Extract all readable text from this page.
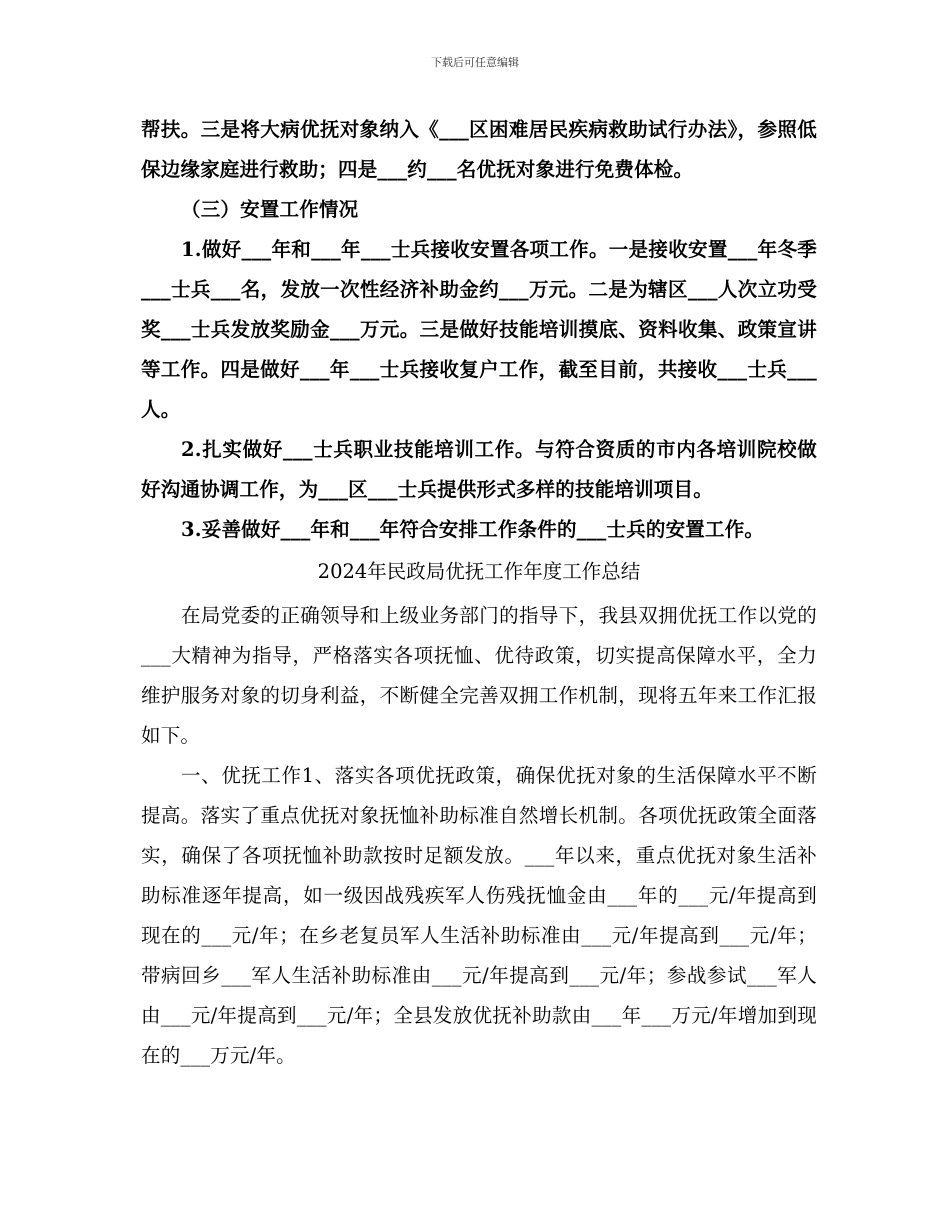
下载后可任意编辑

帮扶。三是将大病优抚对象纳入《___区困难居民疾病救助试行办法》，参照低保边缘家庭进行救助；四是___约___名优抚对象进行免费体检。

（三）安置工作情况

1.做好___年和___年___士兵接收安置各项工作。一是接收安置___年冬季___士兵___名，发放一次性经济补助金约___万元。二是为辖区___人次立功受奖___士兵发放奖励金___万元。三是做好技能培训摸底、资料收集、政策宣讲等工作。四是做好___年___士兵接收复户工作，截至目前，共接收___士兵___人。

2.扎实做好___士兵职业技能培训工作。与符合资质的市内各培训院校做好沟通协调工作，为___区___士兵提供形式多样的技能培训项目。

3.妥善做好___年和___年符合安排工作条件的___士兵的安置工作。

2024年民政局优抚工作年度工作总结

在局党委的正确领导和上级业务部门的指导下，我县双拥优抚工作以党的___大精神为指导，严格落实各项抚恤、优待政策，切实提高保障水平，全力维护服务对象的切身利益，不断健全完善双拥工作机制，现将五年来工作汇报如下。

一、优抚工作1、落实各项优抚政策，确保优抚对象的生活保障水平不断提高。落实了重点优抚对象抚恤补助标准自然增长机制。各项优抚政策全面落实，确保了各项抚恤补助款按时足额发放。___年以来，重点优抚对象生活补助标准逐年提高，如一级因战残疾军人伤残抚恤金由___年的___元/年提高到现在的___元/年；在乡老复员军人生活补助标准由___元/年提高到___元/年；带病回乡___军人生活补助标准由___元/年提高到___元/年；参战参试___军人由___元/年提高到___元/年；全县发放优抚补助款由___年___万元/年增加到现在的___万元/年。
